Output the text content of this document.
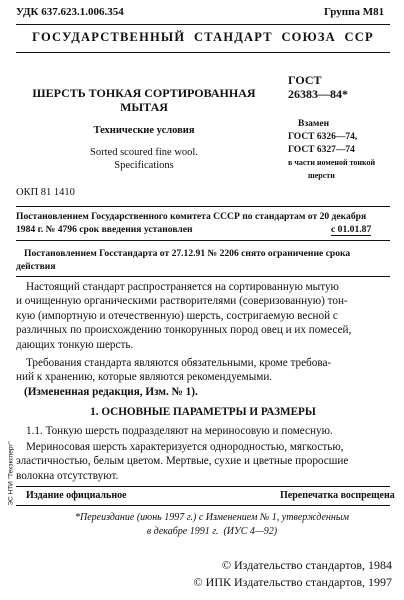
УДК 637.623.1.006.354	Группа М81
ГОСУДАРСТВЕННЫЙ  СТАНДАРТ  СОЮЗА  ССР
ШЕРСТЬ ТОНКАЯ СОРТИРОВАННАЯ
МЫТАЯ
Технические условия
Sorted scoured fine wool.
Specifications
ГОСТ
26383—84*
Взамен
ГОСТ 6326—74,
ГОСТ 6327—74
в части номеной тонкой
шерсти
ОКП 81 1410
Постановлением Государственного комитета СССР по стандартам от 20 декабря
1984 г. № 4796 срок введения установлен	с 01.01.87
Постановлением Госстандарта от 27.12.91 № 2206 снято ограничение срока
действия

Настоящий стандарт распространяется на сортированную мытую
и очищенную органическими растворителями (соверизованную) тон-
кую (импортную и отечественную) шерсть, состригаемую весной с
различных по происхождению тонкорунных пород овец и их помесей,
дающих тонкую шерсть.

Требования стандарта являются обязательными, кроме требова-
ний к хранению, которые являются рекомендуемыми.

(Измененная редакция, Изм. № 1).
1. ОСНОВНЫЕ ПАРАМЕТРЫ И РАЗМЕРЫ
1.1. Тонкую шерсть подразделяют на мериносовую и помесную.

Мериносовая шерсть характеризуется однородностью, мягкостью,
эластичностью, белым цветом. Мертвые, сухие и цветные проросшие
волокна отсутствуют.

ЭС НТИ "Техэксперт" Издание официальное	Перепечатка воспрещена
*Переиздание (июнь 1997 г.) с Изменением № 1, утвержденным
в декабре 1991 г.  (ИУС 4—92)
© Издательство стандартов, 1984
© ИПК Издательство стандартов, 1997
